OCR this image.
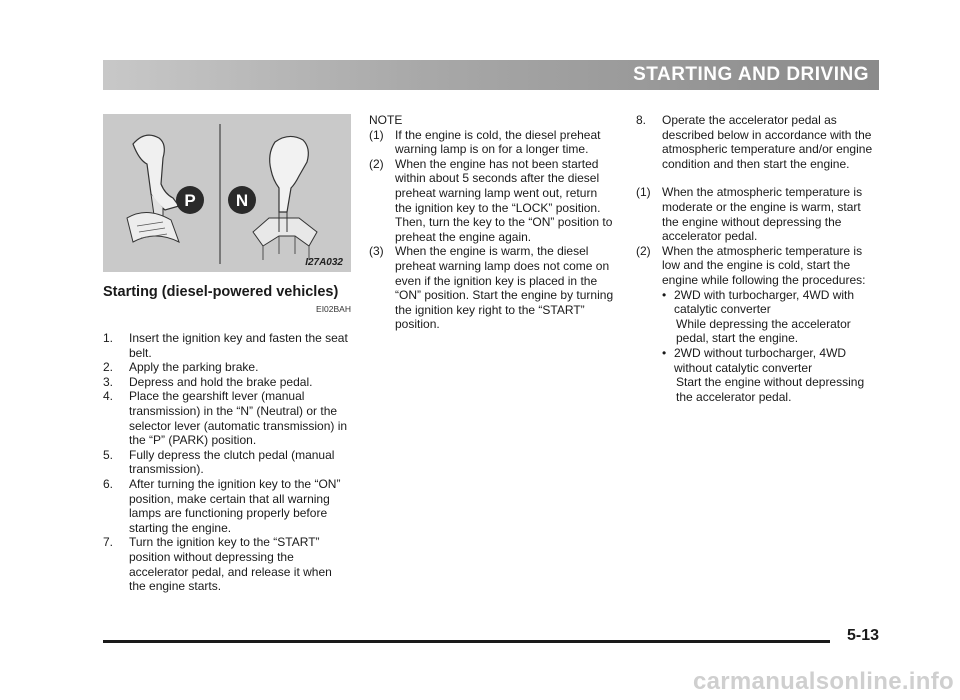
STARTING AND DRIVING
P N
I27A032
Starting (diesel-powered vehicles)
EI02BAH

1. Insert the ignition key and fasten the seat belt.

2. Apply the parking brake.

3. Depress and hold the brake pedal.

4. Place the gearshift lever (manual transmission) in the “N” (Neutral) or the selector lever (automatic transmission) in the “P” (PARK) position.

5. Fully depress the clutch pedal (manual transmission).

6. After turning the ignition key to the “ON” position, make certain that all warning lamps are functioning properly before starting the engine.

7. Turn the ignition key to the “START” position without depressing the accelerator pedal, and release it when the engine starts.

NOTE

(1) If the engine is cold, the diesel preheat warning lamp is on for a longer time.

(2) When the engine has not been started within about 5 seconds after the diesel preheat warning lamp went out, return the ignition key to the “LOCK” position. Then, turn the key to the “ON” position to preheat the engine again.

(3) When the engine is warm, the diesel preheat warning lamp does not come on even if the ignition key is placed in the “ON” position. Start the engine by turning the ignition key right to the “START” position.

8. Operate the accelerator pedal as described below in accordance with the atmospheric temperature and/or engine condition and then start the engine.

(1) When the atmospheric temperature is moderate or the engine is warm, start the engine without depressing the accelerator pedal.

(2) When the atmospheric temperature is low and the engine is cold, start the engine while following the procedures:

• 2WD with turbocharger, 4WD with catalytic converter

While depressing the accelerator pedal, start the engine.

• 2WD without turbocharger, 4WD without catalytic converter

Start the engine without depressing the accelerator pedal.

5-13
carmanualsonline.info
